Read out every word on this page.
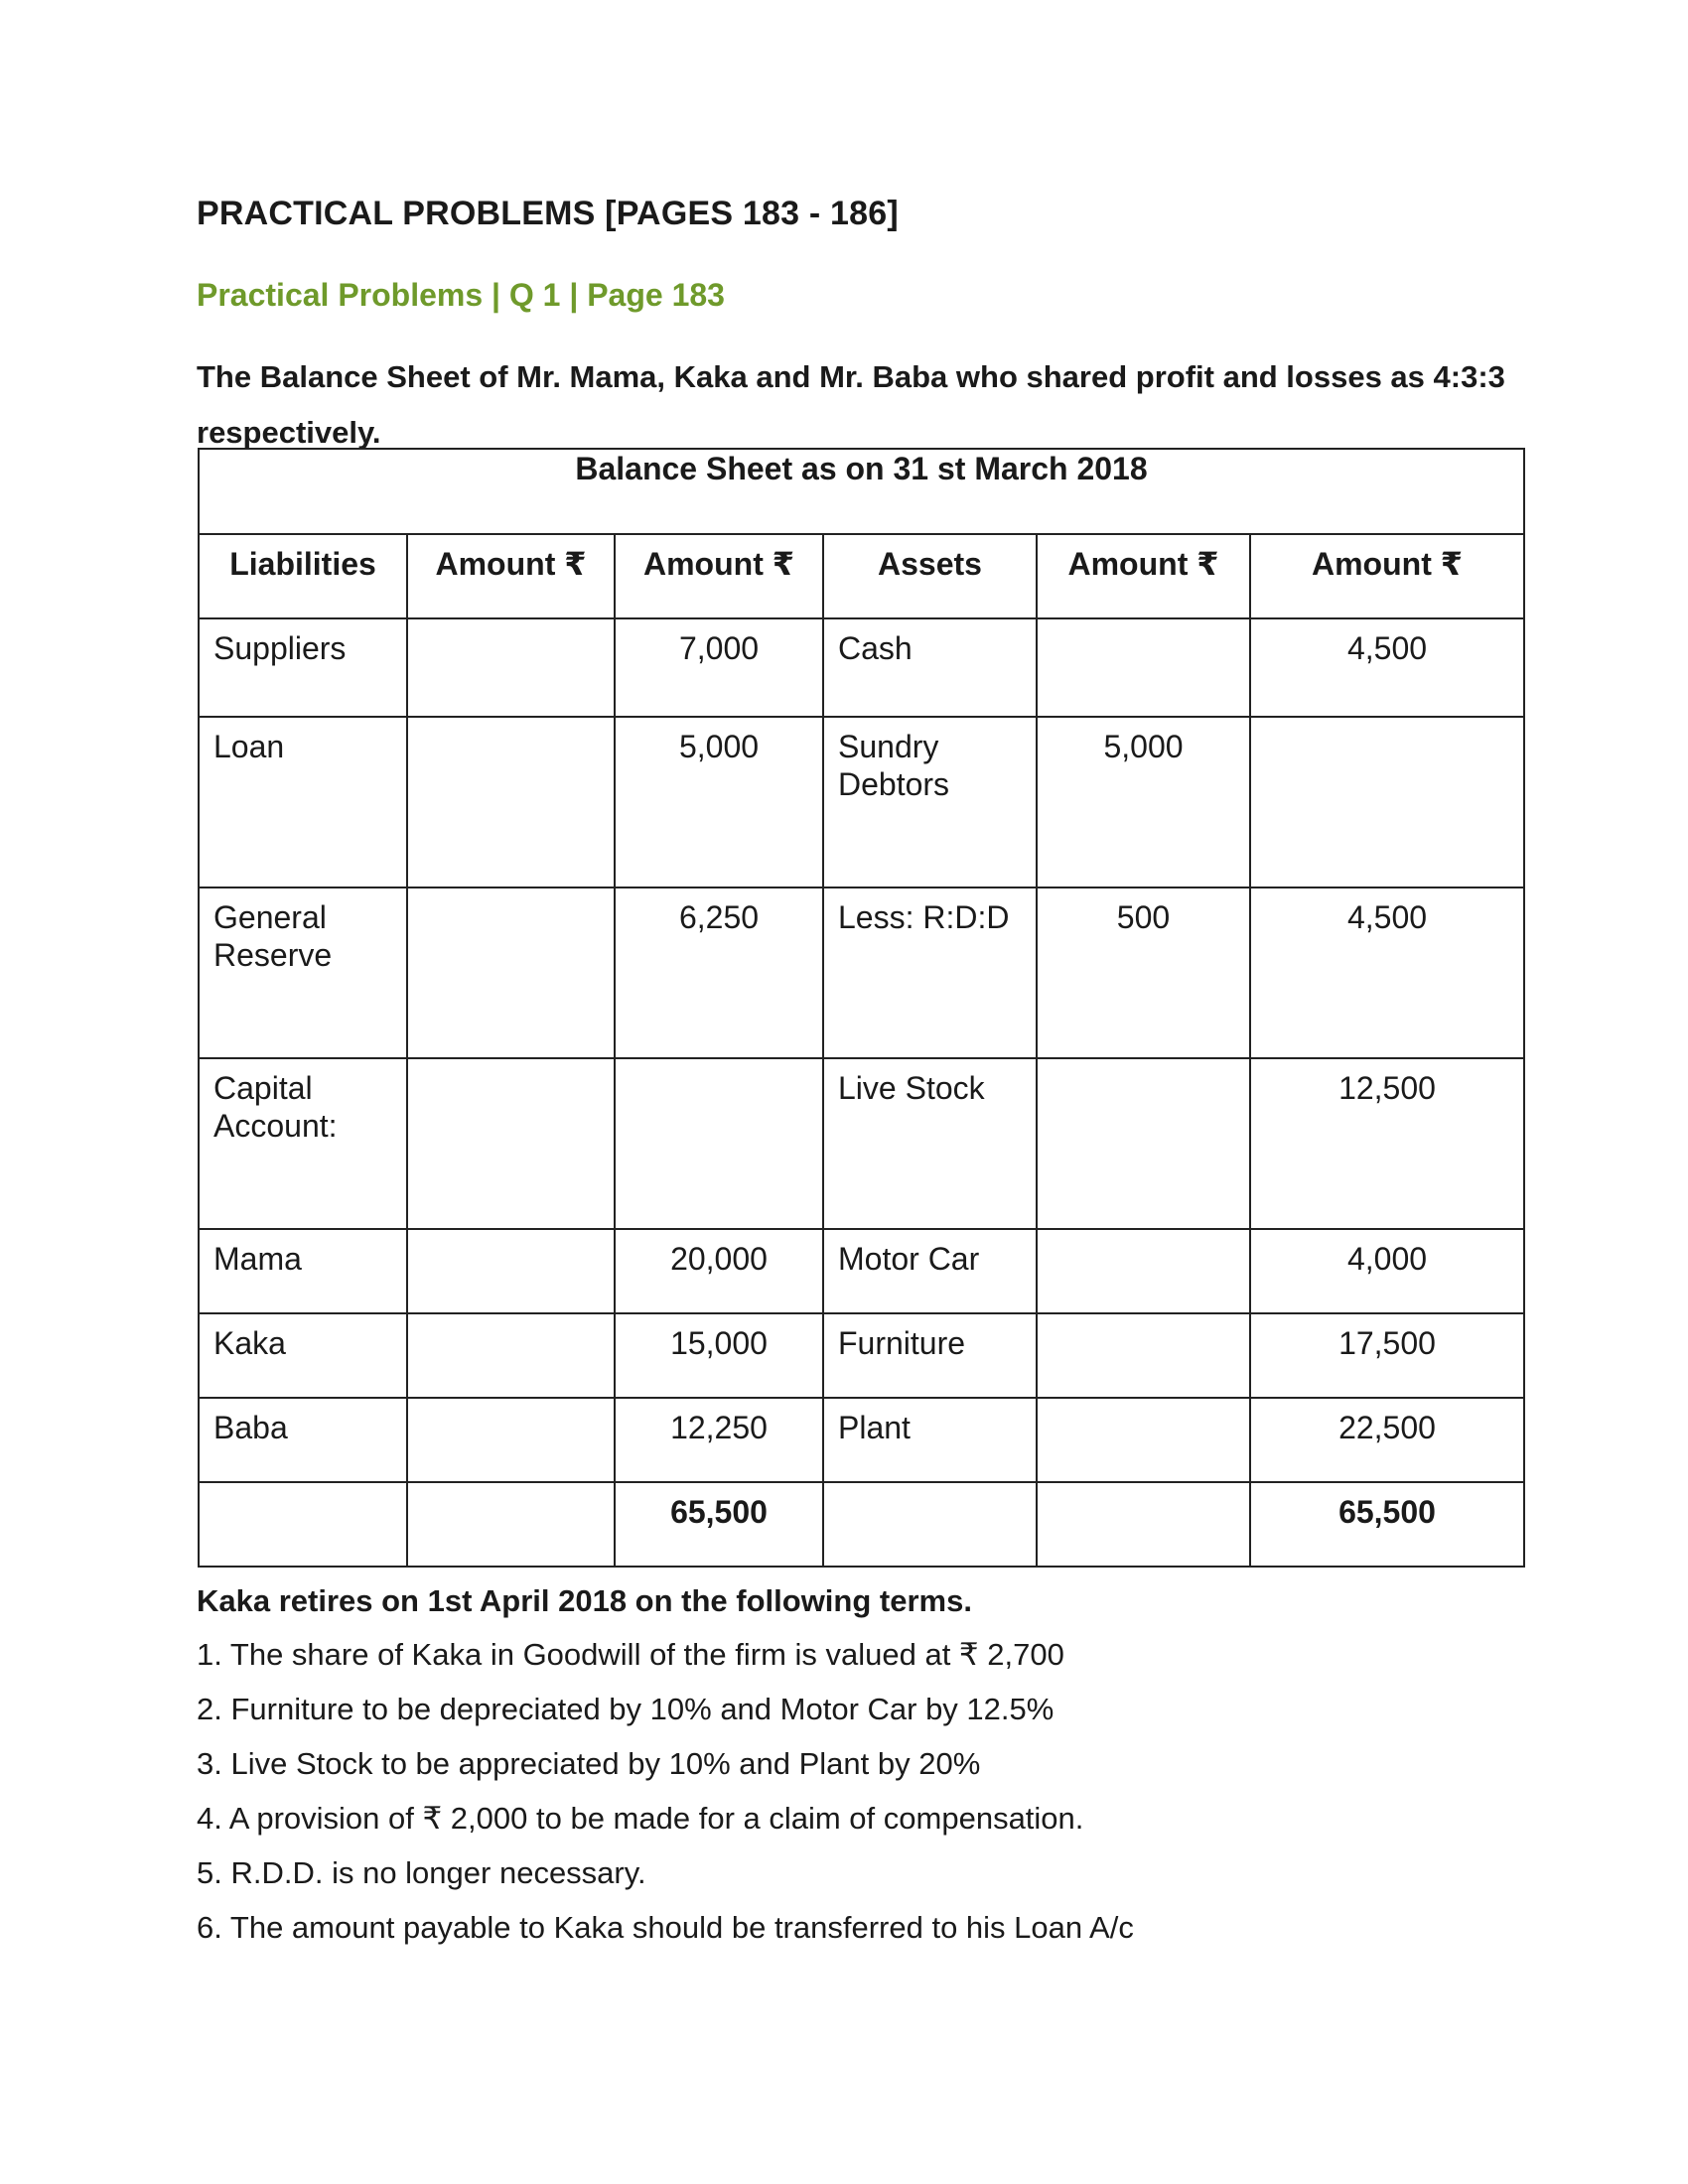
PRACTICAL PROBLEMS [PAGES 183 - 186]
Practical Problems | Q 1 | Page 183
The Balance Sheet of Mr. Mama, Kaka and Mr. Baba who shared profit and losses as 4:3:3 respectively.
Balance Sheet as on 31 st March 2018					
Liabilities	Amount ₹	Amount ₹	Assets	Amount ₹	Amount ₹
Suppliers		7,000	Cash		4,500
Loan		5,000	Sundry Debtors	5,000	
General Reserve		6,250	Less: R:D:D	500	4,500
Capital Account:			Live Stock		12,500
Mama		20,000	Motor Car		4,000
Kaka		15,000	Furniture		17,500
Baba		12,250	Plant		22,500
		65,500			65,500
Kaka retires on 1st April 2018 on the following terms.
1. The share of Kaka in Goodwill of the firm is valued at ₹ 2,700
2. Furniture to be depreciated by 10% and Motor Car by 12.5%
3. Live Stock to be appreciated by 10% and Plant by 20%
4. A provision of ₹ 2,000 to be made for a claim of compensation.
5. R.D.D. is no longer necessary.
6. The amount payable to Kaka should be transferred to his Loan A/c
